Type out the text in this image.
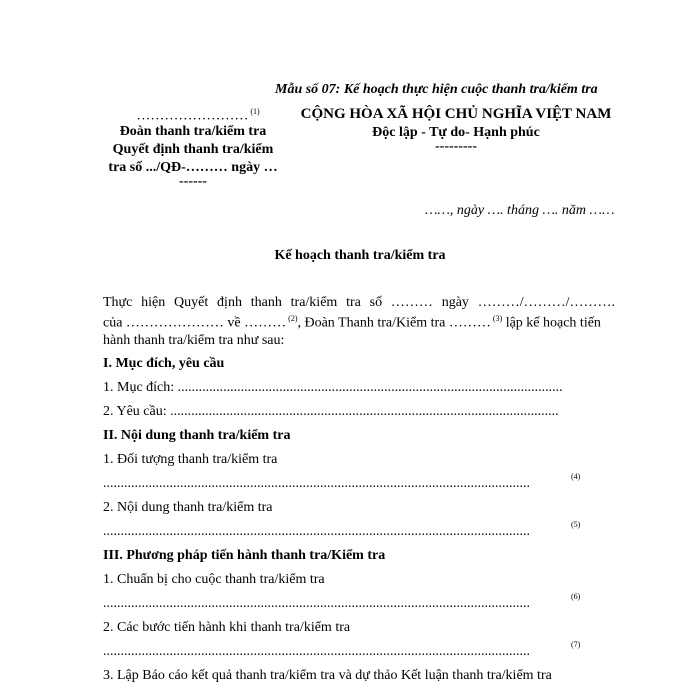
Mẫu số 07: Kế hoạch thực hiện cuộc thanh tra/kiểm tra
…………………… $^{(1)}$
Đoàn thanh tra/kiểm tra
Quyết định thanh tra/kiểm
tra số .../QĐ-……… ngày …
------
CỘNG HÒA XÃ HỘI CHỦ NGHĨA VIỆT NAM
Độc lập - Tự do- Hạnh phúc
---------
……, ngày …. tháng …. năm ……
Kế hoạch thanh tra/kiểm tra
Thực hiện Quyết định thanh tra/kiểm tra số ……… ngày ………/………/……….
của ………………… về ……… $^{(2)}$, Đoàn Thanh tra/Kiểm tra ……… $^{(3)}$ lập kế hoạch tiến
hành thanh tra/kiểm tra như sau:
I. Mục đích, yêu cầu
1. Mục đích: ..............................................................................................................
2. Yêu cầu: ...............................................................................................................
II. Nội dung thanh tra/kiểm tra
1. Đối tượng thanh tra/kiểm tra
..........................................................................................................................	(4)
2. Nội dung thanh tra/kiểm tra
..........................................................................................................................	(5)
III. Phương pháp tiến hành thanh tra/Kiểm tra
1. Chuẩn bị cho cuộc thanh tra/kiểm tra
..........................................................................................................................	(6)
2. Các bước tiến hành khi thanh tra/kiểm tra
..........................................................................................................................	(7)
3. Lập Báo cáo kết quả thanh tra/kiểm tra và dự thảo Kết luận thanh tra/kiểm tra
